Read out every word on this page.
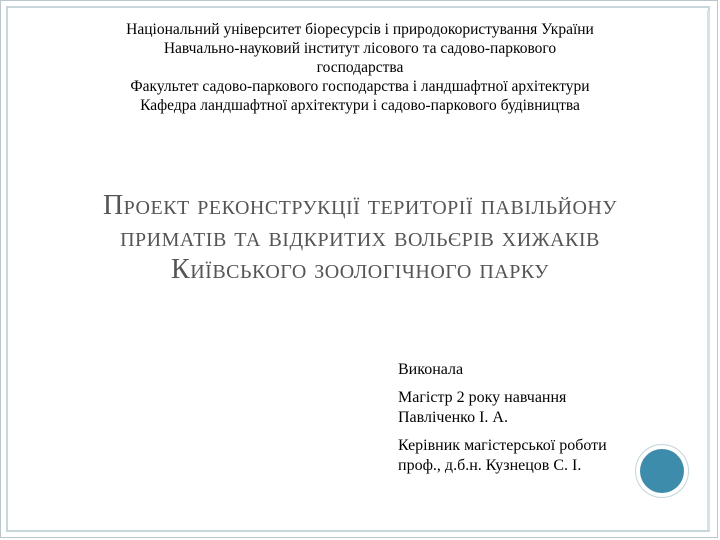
Національний університет біоресурсів і природокористування України
Навчально-науковий інститут лісового та садово-паркового
господарства
Факультет садово-паркового господарства і ландшафтної архітектури
Кафедра ландшафтної архітектури і садово-паркового будівництва
Проект реконструкції території павільйону
приматів та відкритих вольєрів хижаків
Київського зоологічного парку
Виконала
Магістр 2 року навчання
Павліченко І. А.
Керівник магістерської роботи
проф., д.б.н. Кузнецов С. І.
